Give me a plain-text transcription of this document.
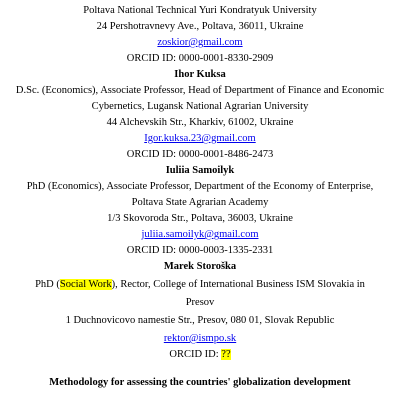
Poltava National Technical Yuri Kondratyuk University
24 Pershotravnevy Ave., Poltava, 36011, Ukraine
zoskior@gmail.com
ORCID ID: 0000-0001-8330-2909
Ihor Kuksa
D.Sc. (Economics), Associate Professor, Head of Department of Finance and Economic
Cybernetics, Lugansk National Agrarian University
44 Alchevskih Str., Kharkiv, 61002, Ukraine
Igor.kuksa.23@gmail.com
ORCID ID: 0000-0001-8486-2473
Iuliia Samoilyk
PhD (Economics), Associate Professor, Department of the Economy of Enterprise,
Poltava State Agrarian Academy
1/3 Skovoroda Str., Poltava, 36003, Ukraine
juliia.samoilyk@gmail.com
ORCID ID: 0000-0003-1335-2331
Marek Storoška
PhD (Social Work), Rector, College of International Business ISM Slovakia in
Presov
1 Duchnovicovo namestie Str., Presov, 080 01, Slovak Republic
rektor@ismpo.sk
ORCID ID: ??
Methodology for assessing the countries' globalization development
